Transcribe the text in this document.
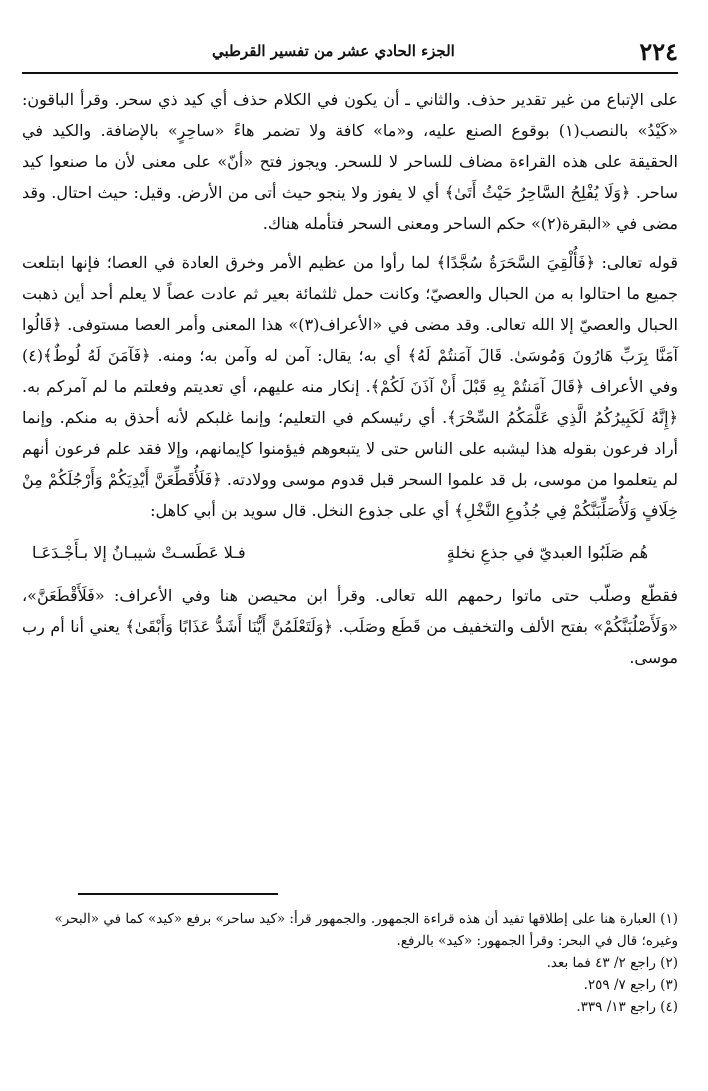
٢٢٤
الجزء الحادي عشر من تفسير القرطبي

على الإتباع من غير تقدير حذف. والثاني ـ أن يكون في الكلام حذف أي كيد ذي سحر. وقرأ الباقون: «كَيْدُ» بالنصب(١) بوقوع الصنع عليه، و«ما» كافة ولا تضمر هاءً «ساحِرٍ» بالإضافة. والكيد في الحقيقة على هذه القراءة مضاف للساحر لا للسحر. ويجوز فتح «أنّ» على معنى لأن ما صنعوا كيد ساحر. ﴿وَلَا يُفْلِحُ السَّاحِرُ حَيْثُ أَتَىٰ﴾ أي لا يفوز ولا ينجو حيث أتى من الأرض. وقيل: حيث احتال. وقد مضى في «البقرة(٢)» حكم الساحر ومعنى السحر فتأمله هناك.

قوله تعالى: ﴿فَأُلْقِيَ السَّحَرَةُ سُجَّدًا﴾ لما رأوا من عظيم الأمر وخرق العادة في العصا؛ فإنها ابتلعت جميع ما احتالوا به من الحبال والعصيّ؛ وكانت حمل ثلثمائة بعير ثم عادت عصاً لا يعلم أحد أين ذهبت الحبال والعصيّ إلا الله تعالى. وقد مضى في «الأعراف(٣)» هذا المعنى وأمر العصا مستوفى. ﴿قَالُوا آمَنَّا بِرَبِّ هَارُونَ وَمُوسَىٰ. قَالَ آمَنتُمْ لَهُ﴾ أي به؛ يقال: آمن له وآمن به؛ ومنه. ﴿فَآمَنَ لَهُ لُوطٌ﴾(٤) وفي الأعراف ﴿قَالَ آمَنتُمْ بِهِ قَبْلَ أَنْ آذَنَ لَكُمْ﴾. إنكار منه عليهم، أي تعديتم وفعلتم ما لم آمركم به. ﴿إِنَّهُ لَكَبِيرُكُمُ الَّذِي عَلَّمَكُمُ السِّحْرَ﴾. أي رئيسكم في التعليم؛ وإنما غلبكم لأنه أحذق به منكم. وإنما أراد فرعون بقوله هذا ليشبه على الناس حتى لا يتبعوهم فيؤمنوا كإيمانهم، وإلا فقد علم فرعون أنهم لم يتعلموا من موسى، بل قد علموا السحر قبل قدوم موسى وولادته. ﴿فَلَأُقَطِّعَنَّ أَيْدِيَكُمْ وَأَرْجُلَكُمْ مِنْ خِلَافٍ وَلَأُصَلِّبَنَّكُمْ فِي جُذُوعِ النَّخْلِ﴾ أي على جذوع النخل. قال سويد بن أبي كاهل:

هُم صَلَبُوا العبديّ في جذعِ نخلةٍ
فـلا عَطَسـتْ شيبـانُ إلا بـأَجْـدَعَـا

فقطّع وصلّب حتى ماتوا رحمهم الله تعالى. وقرأ ابن محيصن هنا وفي الأعراف: «فَلَأَقْطَعَنَّ»، «وَلَأَصْلُبَنَّكُمْ» بفتح الألف والتخفيف من قَطَع وصَلَب. ﴿وَلَتَعْلَمُنَّ أَيُّنَا أَشَدُّ عَذَابًا وَأَبْقَىٰ﴾ يعني أنا أم رب موسى.

(١) العبارة هنا على إطلاقها تفيد أن هذه قراءة الجمهور. والجمهور قرأ: «كيد ساحر» برفع «كيد» كما في «البحر» وغيره؛ قال في البحر: وقرأ الجمهور: «كيد» بالرفع.

(٢) راجع ٢/ ٤٣ فما بعد.

(٣) راجع ٧/ ٢٥٩.

(٤) راجع ١٣/ ٣٣٩.
